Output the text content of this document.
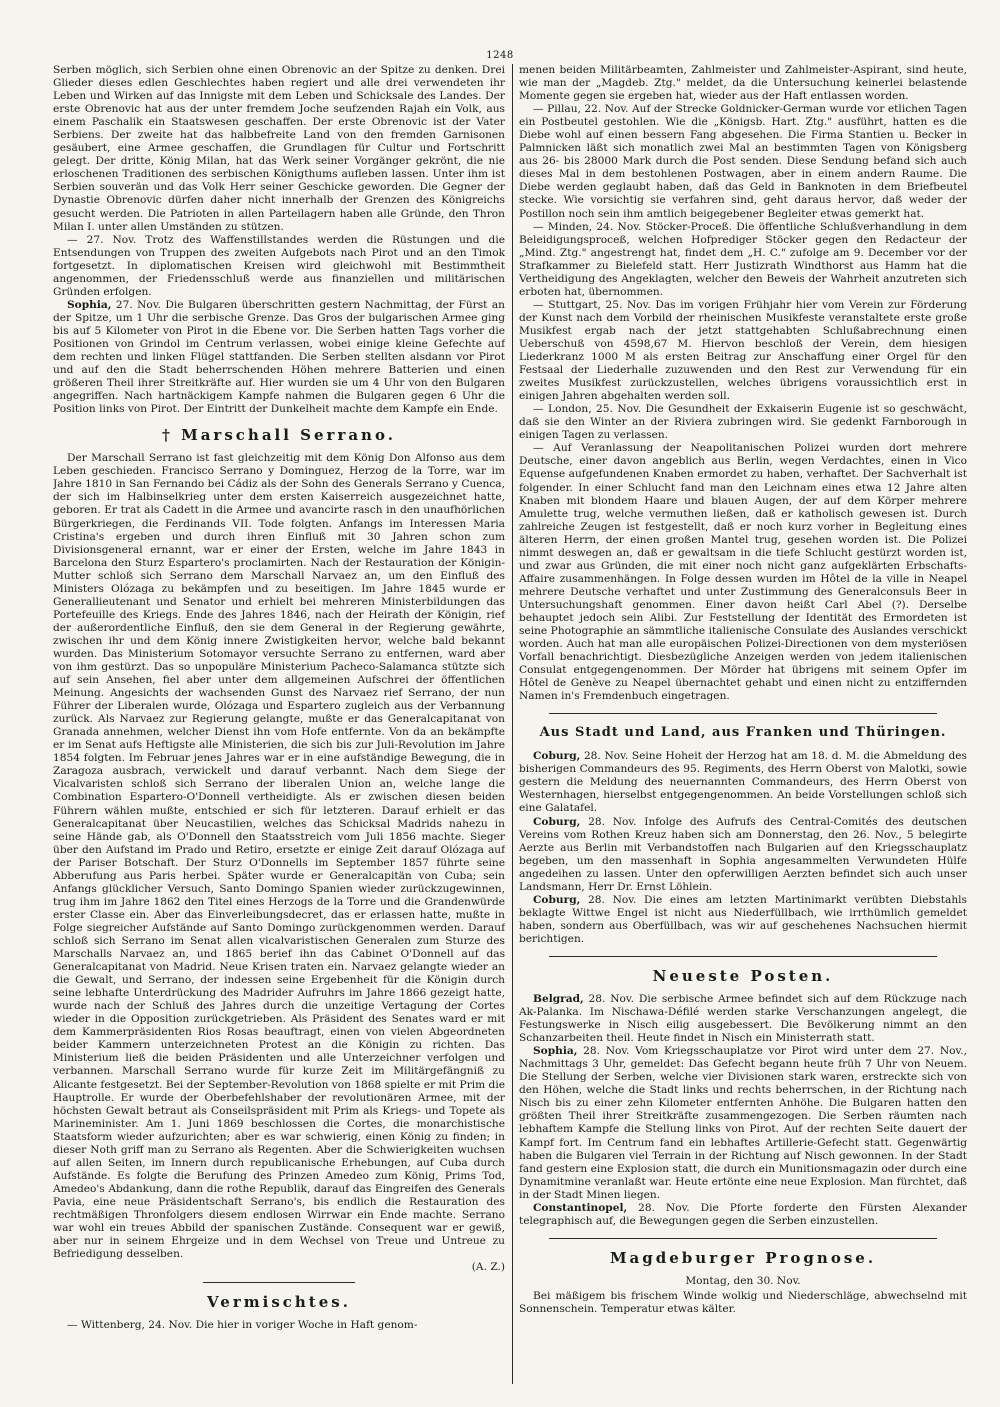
1248

Serben möglich, sich Serbien ohne einen Obrenovic an der Spitze zu denken. Drei Glieder dieses edlen Geschlechtes haben regiert und alle drei verwendeten ihr Leben und Wirken auf das Innigste mit dem Leben und Schicksale des Landes. Der erste Obrenovic hat aus der unter fremdem Joche seufzenden Rajah ein Volk, aus einem Paschalik ein Staatswesen geschaffen. Der erste Obrenovic ist der Vater Serbiens. Der zweite hat das halbbefreite Land von den fremden Garnisonen gesäubert, eine Armee geschaffen, die Grundlagen für Cultur und Fortschritt gelegt. Der dritte, König Milan, hat das Werk seiner Vorgänger gekrönt, die nie erloschenen Traditionen des serbischen Königthums aufleben lassen. Unter ihm ist Serbien souverän und das Volk Herr seiner Geschicke geworden. Die Gegner der Dynastie Obrenovic dürfen daher nicht innerhalb der Grenzen des Königreichs gesucht werden. Die Patrioten in allen Parteilagern haben alle Gründe, den Thron Milan I. unter allen Umständen zu stützen.

— 27. Nov. Trotz des Waffenstillstandes werden die Rüstungen und die Entsendungen von Truppen des zweiten Aufgebots nach Pirot und an den Timok fortgesetzt. In diplomatischen Kreisen wird gleichwohl mit Bestimmtheit angenommen, der Friedensschluß werde aus finanziellen und militärischen Gründen erfolgen.

Sophia, 27. Nov. Die Bulgaren überschritten gestern Nachmittag, der Fürst an der Spitze, um 1 Uhr die serbische Grenze. Das Gros der bulgarischen Armee ging bis auf 5 Kilometer von Pirot in die Ebene vor. Die Serben hatten Tags vorher die Positionen von Grindol im Centrum verlassen, wobei einige kleine Gefechte auf dem rechten und linken Flügel stattfanden. Die Serben stellten alsdann vor Pirot und auf den die Stadt beherrschenden Höhen mehrere Batterien und einen größeren Theil ihrer Streitkräfte auf. Hier wurden sie um 4 Uhr von den Bulgaren angegriffen. Nach hartnäckigem Kampfe nahmen die Bulgaren gegen 6 Uhr die Position links von Pirot. Der Eintritt der Dunkelheit machte dem Kampfe ein Ende.

† Marschall Serrano.

Der Marschall Serrano ist fast gleichzeitig mit dem König Don Alfonso aus dem Leben geschieden. Francisco Serrano y Dominguez, Herzog de la Torre, war im Jahre 1810 in San Fernando bei Cádiz als der Sohn des Generals Serrano y Cuenca, der sich im Halbinselkrieg unter dem ersten Kaiserreich ausgezeichnet hatte, geboren. Er trat als Cadett in die Armee und avancirte rasch in den unaufhörlichen Bürgerkriegen, die Ferdinands VII. Tode folgten. Anfangs im Interessen Maria Cristina's ergeben und durch ihren Einfluß mit 30 Jahren schon zum Divisionsgeneral ernannt, war er einer der Ersten, welche im Jahre 1843 in Barcelona den Sturz Espartero's proclamirten. Nach der Restauration der Königin-Mutter schloß sich Serrano dem Marschall Narvaez an, um den Einfluß des Ministers Olózaga zu bekämpfen und zu beseitigen. Im Jahre 1845 wurde er Generallieutenant und Senator und erhielt bei mehreren Ministerbildungen das Portefeuille des Kriegs. Ende des Jahres 1846, nach der Heirath der Königin, rief der außerordentliche Einfluß, den sie dem General in der Regierung gewährte, zwischen ihr und dem König innere Zwistigkeiten hervor, welche bald bekannt wurden. Das Ministerium Sotomayor versuchte Serrano zu entfernen, ward aber von ihm gestürzt. Das so unpopuläre Ministerium Pacheco-Salamanca stützte sich auf sein Ansehen, fiel aber unter dem allgemeinen Aufschrei der öffentlichen Meinung. Angesichts der wachsenden Gunst des Narvaez rief Serrano, der nun Führer der Liberalen wurde, Olózaga und Espartero zugleich aus der Verbannung zurück. Als Narvaez zur Regierung gelangte, mußte er das Generalcapitanat von Granada annehmen, welcher Dienst ihn vom Hofe entfernte. Von da an bekämpfte er im Senat aufs Heftigste alle Ministerien, die sich bis zur Juli-Revolution im Jahre 1854 folgten. Im Februar jenes Jahres war er in eine aufständige Bewegung, die in Zaragoza ausbrach, verwickelt und darauf verbannt. Nach dem Siege der Vicalvaristen schloß sich Serrano der liberalen Union an, welche lange die Combination Espartero-O'Donnell vertheidigte. Als er zwischen diesen beiden Führern wählen mußte, entschied er sich für letzteren. Darauf erhielt er das Generalcapitanat über Neucastilien, welches das Schicksal Madrids nahezu in seine Hände gab, als O'Donnell den Staatsstreich vom Juli 1856 machte. Sieger über den Aufstand im Prado und Retiro, ersetzte er einige Zeit darauf Olózaga auf der Pariser Botschaft. Der Sturz O'Donnells im September 1857 führte seine Abberufung aus Paris herbei. Später wurde er Generalcapitän von Cuba; sein Anfangs glücklicher Versuch, Santo Domingo Spanien wieder zurückzugewinnen, trug ihm im Jahre 1862 den Titel eines Herzogs de la Torre und die Grandenwürde erster Classe ein. Aber das Einverleibungsdecret, das er erlassen hatte, mußte in Folge siegreicher Aufstände auf Santo Domingo zurückgenommen werden. Darauf schloß sich Serrano im Senat allen vicalvaristischen Generalen zum Sturze des Marschalls Narvaez an, und 1865 berief ihn das Cabinet O'Donnell auf das Generalcapitanat von Madrid. Neue Krisen traten ein. Narvaez gelangte wieder an die Gewalt, und Serrano, der indessen seine Ergebenheit für die Königin durch seine lebhafte Unterdrückung des Madrider Aufruhrs im Jahre 1866 gezeigt hatte, wurde nach der Schluß des Jahres durch die unzeitige Vertagung der Cortes wieder in die Opposition zurückgetrieben. Als Präsident des Senates ward er mit dem Kammerpräsidenten Rios Rosas beauftragt, einen von vielen Abgeordneten beider Kammern unterzeichneten Protest an die Königin zu richten. Das Ministerium ließ die beiden Präsidenten und alle Unterzeichner verfolgen und verbannen. Marschall Serrano wurde für kurze Zeit im Militärgefängniß zu Alicante festgesetzt. Bei der September-Revolution von 1868 spielte er mit Prim die Hauptrolle. Er wurde der Oberbefehlshaber der revolutionären Armee, mit der höchsten Gewalt betraut als Conseilspräsident mit Prim als Kriegs- und Topete als Marineminister. Am 1. Juni 1869 beschlossen die Cortes, die monarchistische Staatsform wieder aufzurichten; aber es war schwierig, einen König zu finden; in dieser Noth griff man zu Serrano als Regenten. Aber die Schwierigkeiten wuchsen auf allen Seiten, im Innern durch republicanische Erhebungen, auf Cuba durch Aufstände. Es folgte die Berufung des Prinzen Amedeo zum König, Prims Tod, Amedeo's Abdankung, dann die rothe Republik, darauf das Eingreifen des Generals Pavia, eine neue Präsidentschaft Serrano's, bis endlich die Restauration des rechtmäßigen Thronfolgers diesem endlosen Wirrwar ein Ende machte. Serrano war wohl ein treues Abbild der spanischen Zustände. Consequent war er gewiß, aber nur in seinem Ehrgeize und in dem Wechsel von Treue und Untreue zu Befriedigung desselben.

(A. Z.)
Vermischtes.

— Wittenberg, 24. Nov. Die hier in voriger Woche in Haft genom-

menen beiden Militärbeamten, Zahlmeister und Zahlmeister-Aspirant, sind heute, wie man der „Magdeb. Ztg." meldet, da die Untersuchung keinerlei belastende Momente gegen sie ergeben hat, wieder aus der Haft entlassen worden.

— Pillau, 22. Nov. Auf der Strecke Goldnicker-German wurde vor etlichen Tagen ein Postbeutel gestohlen. Wie die „Königsb. Hart. Ztg." ausführt, hatten es die Diebe wohl auf einen bessern Fang abgesehen. Die Firma Stantien u. Becker in Palmnicken läßt sich monatlich zwei Mal an bestimmten Tagen von Königsberg aus 26- bis 28000 Mark durch die Post senden. Diese Sendung befand sich auch dieses Mal in dem bestohlenen Postwagen, aber in einem andern Raume. Die Diebe werden geglaubt haben, daß das Geld in Banknoten in dem Briefbeutel stecke. Wie vorsichtig sie verfahren sind, geht daraus hervor, daß weder der Postillon noch sein ihm amtlich beigegebener Begleiter etwas gemerkt hat.

— Minden, 24. Nov. Stöcker-Proceß. Die öffentliche Schlußverhandlung in dem Beleidigungsproceß, welchen Hofprediger Stöcker gegen den Redacteur der „Mind. Ztg." angestrengt hat, findet dem „H. C." zufolge am 9. December vor der Strafkammer zu Bielefeld statt. Herr Justizrath Windthorst aus Hamm hat die Vertheidigung des Angeklagten, welcher den Beweis der Wahrheit anzutreten sich erboten hat, übernommen.

— Stuttgart, 25. Nov. Das im vorigen Frühjahr hier vom Verein zur Förderung der Kunst nach dem Vorbild der rheinischen Musikfeste veranstaltete erste große Musikfest ergab nach der jetzt stattgehabten Schlußabrechnung einen Ueberschuß von 4598,67 M. Hiervon beschloß der Verein, dem hiesigen Liederkranz 1000 M als ersten Beitrag zur Anschaffung einer Orgel für den Festsaal der Liederhalle zuzuwenden und den Rest zur Verwendung für ein zweites Musikfest zurückzustellen, welches übrigens voraussichtlich erst in einigen Jahren abgehalten werden soll.

— London, 25. Nov. Die Gesundheit der Exkaiserin Eugenie ist so geschwächt, daß sie den Winter an der Riviera zubringen wird. Sie gedenkt Farnborough in einigen Tagen zu verlassen.

— Auf Veranlassung der Neapolitanischen Polizei wurden dort mehrere Deutsche, einer davon angeblich aus Berlin, wegen Verdachtes, einen in Vico Equense aufgefundenen Knaben ermordet zu haben, verhaftet. Der Sachverhalt ist folgender. In einer Schlucht fand man den Leichnam eines etwa 12 Jahre alten Knaben mit blondem Haare und blauen Augen, der auf dem Körper mehrere Amulette trug, welche vermuthen ließen, daß er katholisch gewesen ist. Durch zahlreiche Zeugen ist festgestellt, daß er noch kurz vorher in Begleitung eines älteren Herrn, der einen großen Mantel trug, gesehen worden ist. Die Polizei nimmt deswegen an, daß er gewaltsam in die tiefe Schlucht gestürzt worden ist, und zwar aus Gründen, die mit einer noch nicht ganz aufgeklärten Erbschafts-Affaire zusammenhängen. In Folge dessen wurden im Hôtel de la ville in Neapel mehrere Deutsche verhaftet und unter Zustimmung des Generalconsuls Beer in Untersuchungshaft genommen. Einer davon heißt Carl Abel (?). Derselbe behauptet jedoch sein Alibi. Zur Feststellung der Identität des Ermordeten ist seine Photographie an sämmtliche italienische Consulate des Auslandes verschickt worden. Auch hat man alle europäischen Polizei-Directionen von dem mysteriösen Vorfall benachrichtigt. Diesbezügliche Anzeigen werden von jedem italienischen Consulat entgegengenommen. Der Mörder hat übrigens mit seinem Opfer im Hôtel de Genève zu Neapel übernachtet gehabt und einen nicht zu entziffernden Namen in's Fremdenbuch eingetragen.

Aus Stadt und Land, aus Franken und Thüringen.

Coburg, 28. Nov. Seine Hoheit der Herzog hat am 18. d. M. die Abmeldung des bisherigen Commandeurs des 95. Regiments, des Herrn Oberst von Malotki, sowie gestern die Meldung des neuernannten Commandeurs, des Herrn Oberst von Westernhagen, hierselbst entgegengenommen. An beide Vorstellungen schloß sich eine Galatafel.

Coburg, 28. Nov. Infolge des Aufrufs des Central-Comités des deutschen Vereins vom Rothen Kreuz haben sich am Donnerstag, den 26. Nov., 5 belegirte Aerzte aus Berlin mit Verbandstoffen nach Bulgarien auf den Kriegsschauplatz begeben, um den massenhaft in Sophia angesammelten Verwundeten Hülfe angedeihen zu lassen. Unter den opferwilligen Aerzten befindet sich auch unser Landsmann, Herr Dr. Ernst Löhlein.

Coburg, 28. Nov. Die eines am letzten Martinimarkt verübten Diebstahls beklagte Wittwe Engel ist nicht aus Niederfüllbach, wie irrthümlich gemeldet haben, sondern aus Oberfüllbach, was wir auf geschehenes Nachsuchen hiermit berichtigen.

Neueste Posten.

Belgrad, 28. Nov. Die serbische Armee befindet sich auf dem Rückzuge nach Ak-Palanka. Im Nischawa-Défilé werden starke Verschanzungen angelegt, die Festungswerke in Nisch eilig ausgebessert. Die Bevölkerung nimmt an den Schanzarbeiten theil. Heute findet in Nisch ein Ministerrath statt.

Sophia, 28. Nov. Vom Kriegsschauplatze vor Pirot wird unter dem 27. Nov., Nachmittags 3 Uhr, gemeldet: Das Gefecht begann heute früh 7 Uhr von Neuem. Die Stellung der Serben, welche vier Divisionen stark waren, erstreckte sich von den Höhen, welche die Stadt links und rechts beherrschen, in der Richtung nach Nisch bis zu einer zehn Kilometer entfernten Anhöhe. Die Bulgaren hatten den größten Theil ihrer Streitkräfte zusammengezogen. Die Serben räumten nach lebhaftem Kampfe die Stellung links von Pirot. Auf der rechten Seite dauert der Kampf fort. Im Centrum fand ein lebhaftes Artillerie-Gefecht statt. Gegenwärtig haben die Bulgaren viel Terrain in der Richtung auf Nisch gewonnen. In der Stadt fand gestern eine Explosion statt, die durch ein Munitionsmagazin oder durch eine Dynamitmine veranlaßt war. Heute ertönte eine neue Explosion. Man fürchtet, daß in der Stadt Minen liegen.

Constantinopel, 28. Nov. Die Pforte forderte den Fürsten Alexander telegraphisch auf, die Bewegungen gegen die Serben einzustellen.

Magdeburger Prognose.
Montag, den 30. Nov.

Bei mäßigem bis frischem Winde wolkig und Niederschläge, abwechselnd mit Sonnenschein. Temperatur etwas kälter.
